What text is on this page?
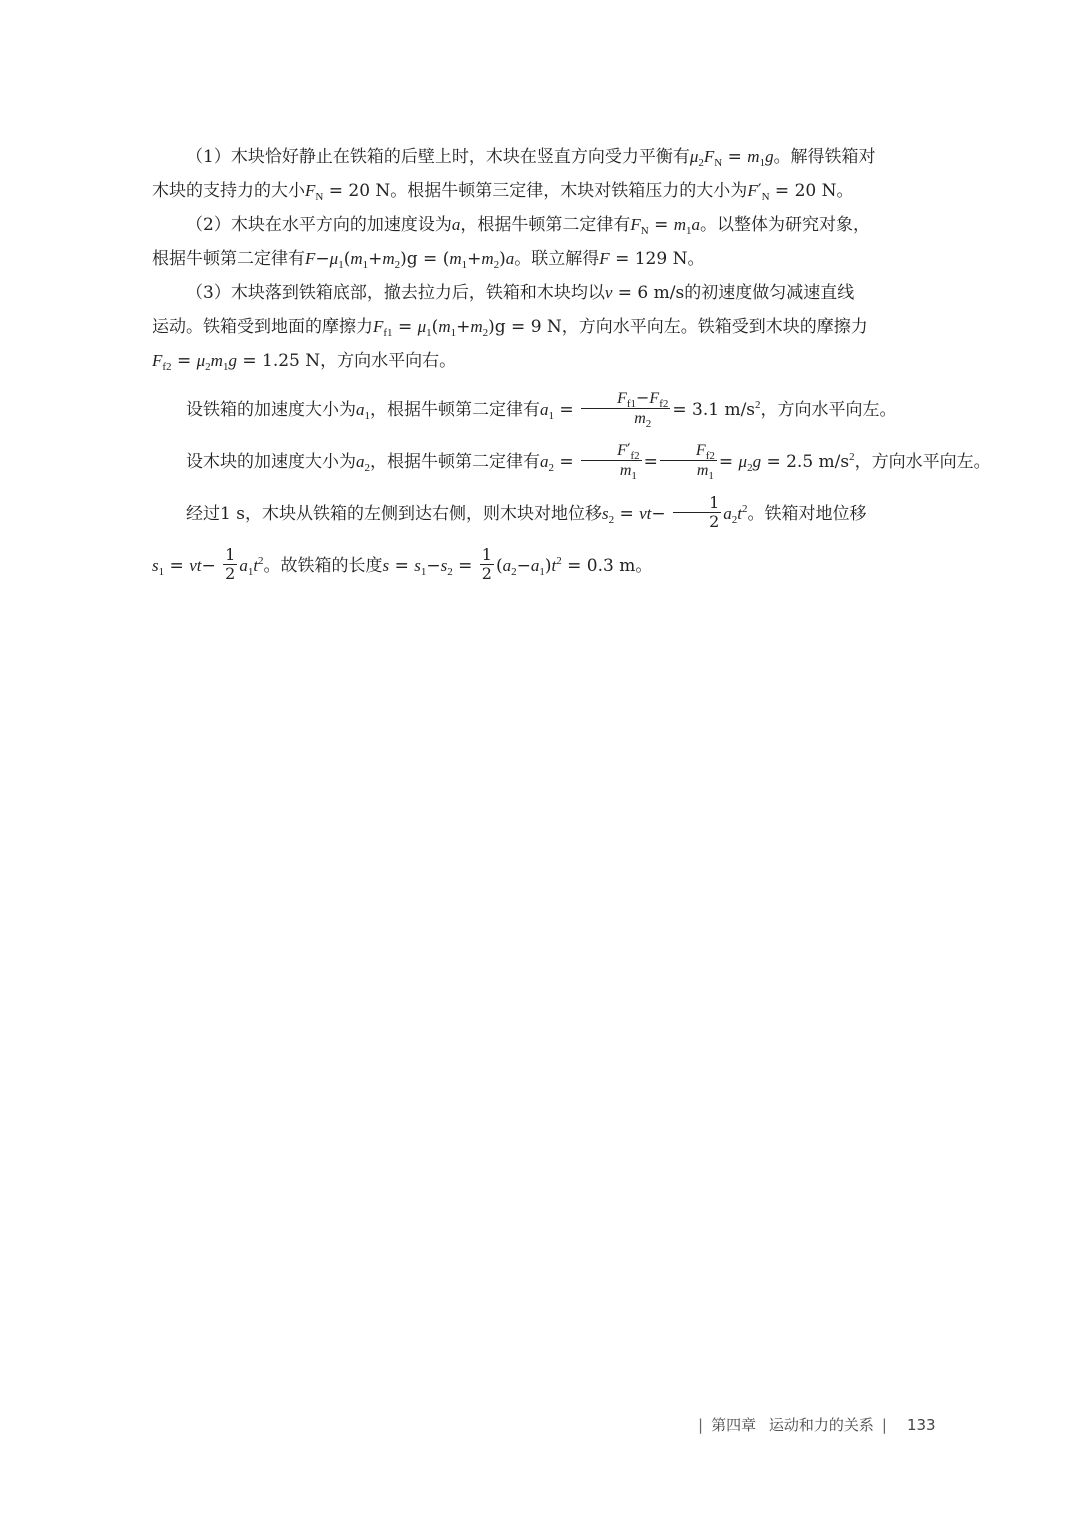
（1）木块恰好静止在铁箱的后壁上时，木块在竖直方向受力平衡有$\mu_2F_N = m_1g$。解得铁箱对
木块的支持力的大小$F_N = 20$ N。根据牛顿第三定律，木块对铁箱压力的大小为$F'_N = 20$ N。

（2）木块在水平方向的加速度设为a，根据牛顿第二定律有$F_N = m_1a$。以整体为研究对象，
根据牛顿第二定律有$F-\mu_1(m_1+m_2)g = (m_1+m_2)a$。联立解得F = 129 N。

（3）木块落到铁箱底部，撤去拉力后，铁箱和木块均以v = 6 m/s的初速度做匀减速直线
运动。铁箱受到地面的摩擦力$F_{f1} = \mu_1(m_1+m_2)g = 9$ N，方向水平向左。铁箱受到木块的摩擦力
$F_{f2} = \mu_2m_1g = 1.25$ N，方向水平向右。

设铁箱的加速度大小为$a_1$，根据牛顿第二定律有$a_1 = \frac{F_{f1}-F_{f2}}{m_2} = 3.1$ $m/s^2$，方向水平向左。

设木块的加速度大小为$a_2$，根据牛顿第二定律有$a_2 = \frac{F'_{f2}}{m_1} = \frac{F_{f2}}{m_1} = \mu_2g = 2.5$ $m/s^2$，方向水平向左。

经过1 s，木块从铁箱的左侧到达右侧，则木块对地位移$s_2 = vt- \frac{1}{2} a_2t^2$。铁箱对地位移

$s_1 = vt- \frac{1}{2} a_1t^2$。故铁箱的长度$s = s_1-s_2 = \frac{1}{2} (a_2-a_1)t^2 = 0.3$ m。

| 第四章 运动和力的关系 | 133
